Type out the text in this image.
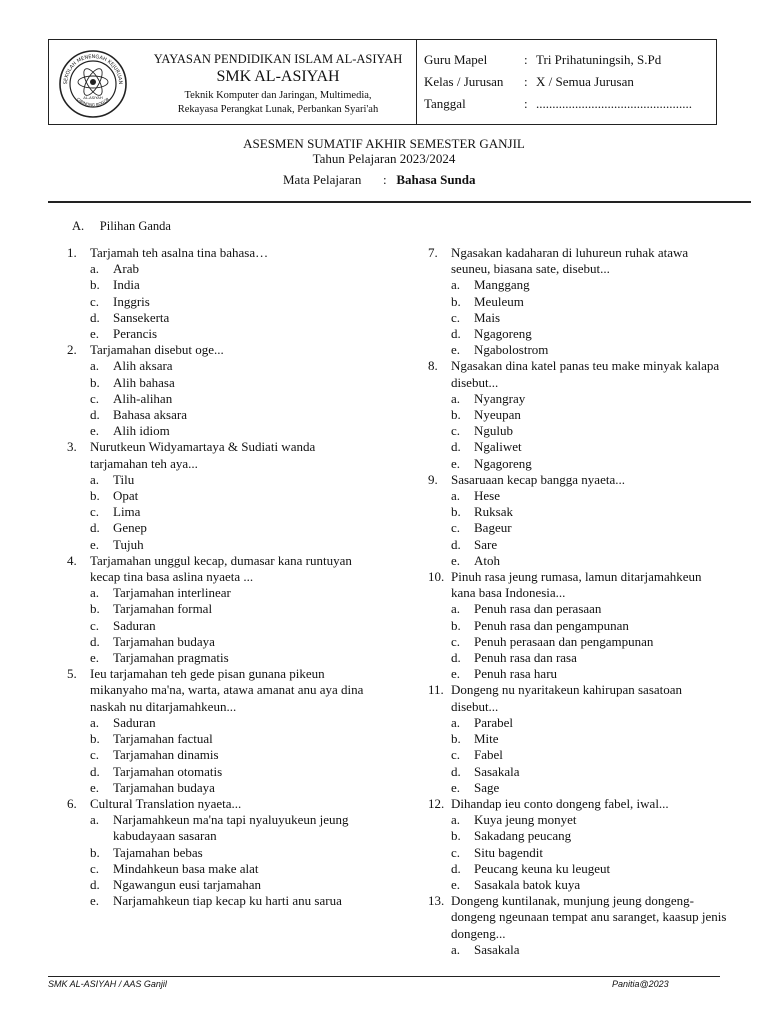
SEKOLAH MENENGAH KEJURUAN
CIBINONG BOGOR
AL-ASIYAH
YAYASAN PENDIDIKAN ISLAM AL-ASIYAH
SMK AL-ASIYAH
Teknik Komputer dan Jaringan, Multimedia,
Rekayasa Perangkat Lunak, Perbankan Syari'ah
Guru Mapel	: Tri Prihatuningsih, S.Pd
Kelas / Jurusan : X / Semua Jurusan
Tanggal	: ................................................
ASESMEN SUMATIF AKHIR SEMESTER GANJIL
Tahun Pelajaran 2023/2024
Mata Pelajaran : Bahasa Sunda
A. Pilihan Ganda
1. Tarjamah teh asalna tina bahasa…
a. Arab
b. India
c. Inggris
d. Sansekerta
e. Perancis
2. Tarjamahan disebut oge...
a. Alih aksara
b. Alih bahasa
c. Alih-alihan
d. Bahasa aksara
e. Alih idiom
3. Nurutkeun Widyamartaya & Sudiati wanda tarjamahan teh aya...
a. Tilu
b. Opat
c. Lima
d. Genep
e. Tujuh
4. Tarjamahan unggul kecap, dumasar kana runtuyan kecap tina basa aslina nyaeta ...
a. Tarjamahan interlinear
b. Tarjamahan formal
c. Saduran
d. Tarjamahan budaya
e. Tarjamahan pragmatis
5. Ieu tarjamahan teh gede pisan gunana pikeun mikanyaho ma'na, warta, atawa amanat anu aya dina naskah nu ditarjamahkeun...
a. Saduran
b. Tarjamahan factual
c. Tarjamahan dinamis
d. Tarjamahan otomatis
e. Tarjamahan budaya
6. Cultural Translation nyaeta...
a. Narjamahkeun ma'na tapi nyaluyukeun jeung kabudayaan sasaran
b. Tajamahan bebas
c. Mindahkeun basa make alat
d. Ngawangun eusi tarjamahan
e. Narjamahkeun tiap kecap ku harti anu sarua
7. Ngasakan kadaharan di luhureun ruhak atawa seuneu, biasana sate, disebut...
a. Manggang
b. Meuleum
c. Mais
d. Ngagoreng
e. Ngabolostrom
8. Ngasakan dina katel panas teu make minyak kalapa disebut...
a. Nyangray
b. Nyeupan
c. Ngulub
d. Ngaliwet
e. Ngagoreng
9. Sasaruaan kecap bangga nyaeta...
a. Hese
b. Ruksak
c. Bageur
d. Sare
e. Atoh
10. Pinuh rasa jeung rumasa, lamun ditarjamahkeun kana basa Indonesia...
a. Penuh rasa dan perasaan
b. Penuh rasa dan pengampunan
c. Penuh perasaan dan pengampunan
d. Penuh rasa dan rasa
e. Penuh rasa haru
11. Dongeng nu nyaritakeun kahirupan sasatoan disebut...
a. Parabel
b. Mite
c. Fabel
d. Sasakala
e. Sage
12. Dihandap ieu conto dongeng fabel, iwal...
a. Kuya jeung monyet
b. Sakadang peucang
c. Situ bagendit
d. Peucang keuna ku leugeut
e. Sasakala batok kuya
13. Dongeng kuntilanak, munjung jeung dongeng-dongeng ngeunaan tempat anu saranget, kaasup jenis dongeng...
a. Sasakala
SMK AL-ASIYAH / AAS Ganjil	Panitia@2023
